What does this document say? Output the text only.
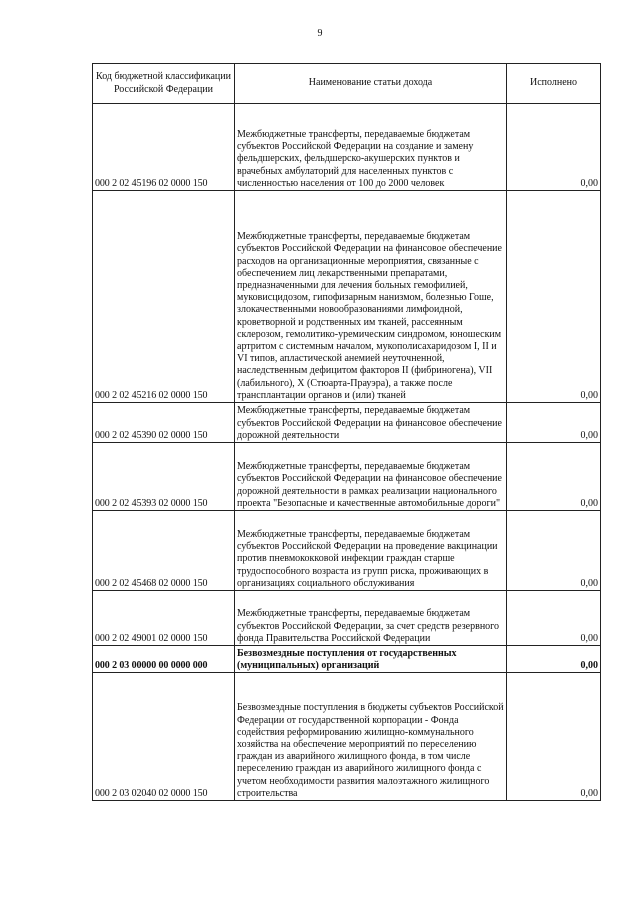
9
Код бюджетной классификации Российской Федерации	Наименование статьи дохода	Исполнено
000 2 02 45196 02 0000 150	Межбюджетные трансферты, передаваемые бюджетам субъектов Российской Федерации на создание и замену фельдшерских, фельдшерско-акушерских пунктов и врачебных амбулаторий для населенных пунктов с численностью населения от 100 до 2000 человек	0,00
000 2 02 45216 02 0000 150	Межбюджетные трансферты, передаваемые бюджетам субъектов Российской Федерации на финансовое обеспечение расходов на организационные мероприятия, связанные с обеспечением лиц лекарственными препаратами, предназначенными для лечения больных гемофилией, муковисцидозом, гипофизарным нанизмом, болезнью Гоше, злокачественными новообразованиями лимфоидной, кроветворной и родственных им тканей, рассеянным склерозом, гемолитико-уремическим синдромом, юношеским артритом с системным началом, мукополисахаридозом I, II и VI типов, апластической анемией неуточненной, наследственным дефицитом факторов II (фибриногена), VII (лабильного), X (Стюарта-Прауэра), а также после трансплантации органов и (или) тканей	0,00
000 2 02 45390 02 0000 150	Межбюджетные трансферты, передаваемые бюджетам субъектов Российской Федерации на финансовое обеспечение дорожной деятельности	0,00
000 2 02 45393 02 0000 150	Межбюджетные трансферты, передаваемые бюджетам субъектов Российской Федерации на финансовое обеспечение дорожной деятельности в рамках реализации национального проекта "Безопасные и качественные автомобильные дороги"	0,00
000 2 02 45468 02 0000 150	Межбюджетные трансферты, передаваемые бюджетам субъектов Российской Федерации на проведение вакцинации против пневмококковой инфекции граждан старше трудоспособного возраста из групп риска, проживающих в организациях социального обслуживания	0,00
000 2 02 49001 02 0000 150	Межбюджетные трансферты, передаваемые бюджетам субъектов Российской Федерации, за счет средств резервного фонда Правительства Российской Федерации	0,00
000 2 03 00000 00 0000 000	Безвозмездные поступления от государственных (муниципальных) организаций	0,00
000 2 03 02040 02 0000 150	Безвозмездные поступления в бюджеты субъектов Российской Федерации от государственной корпорации - Фонда содействия реформированию жилищно-коммунального хозяйства на обеспечение мероприятий по переселению граждан из аварийного жилищного фонда, в том числе переселению граждан из аварийного жилищного фонда с учетом необходимости развития малоэтажного жилищного строительства	0,00
